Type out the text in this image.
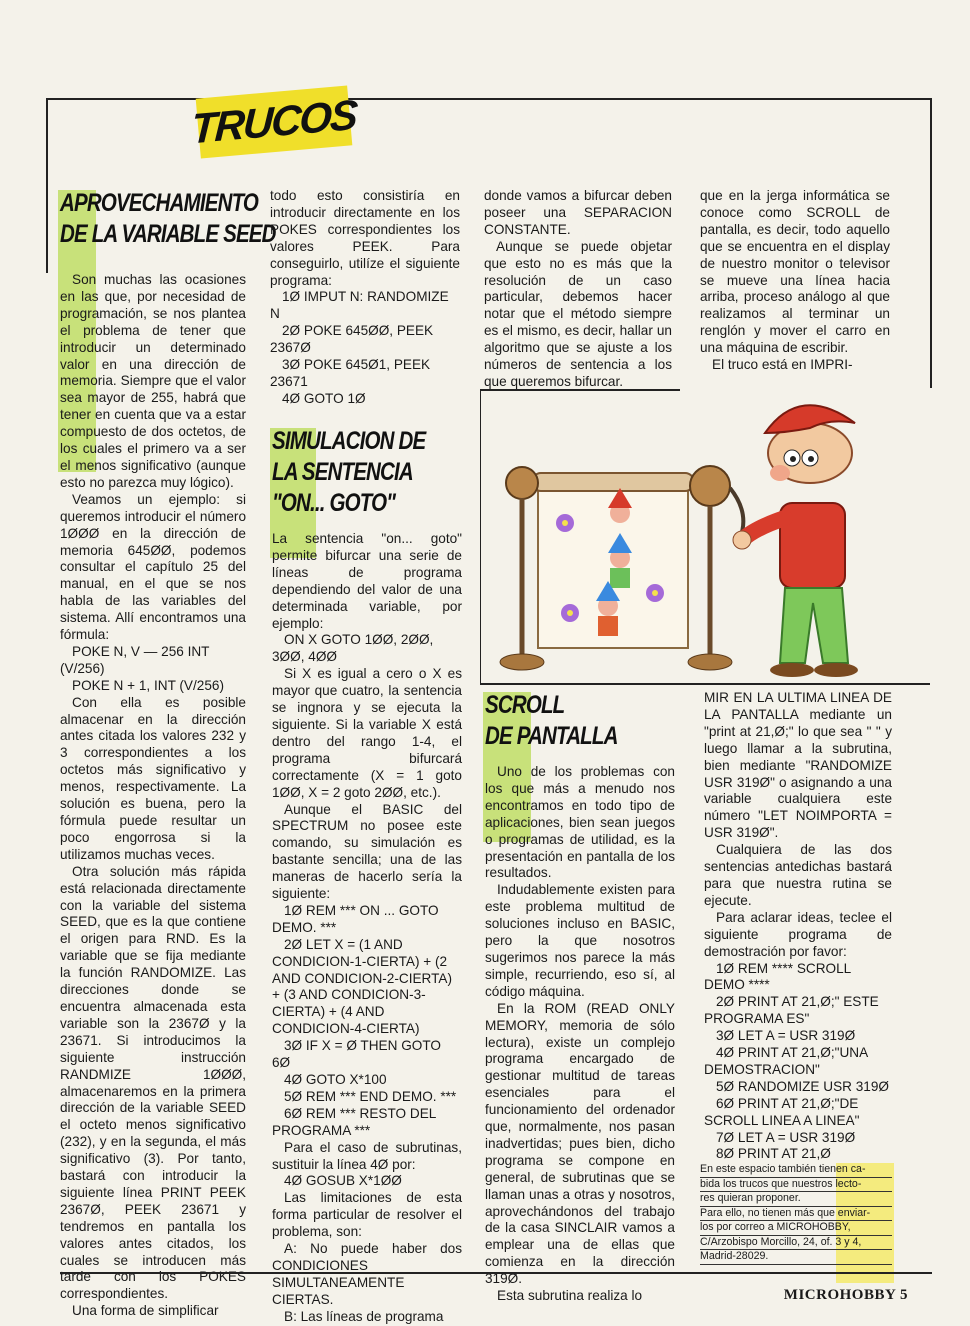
TRUCOS

APROVECHAMIENTO

DE LA VARIABLE SEED

Son muchas las ocasiones en las que, por necesidad de programación, se nos plantea el problema de tener que introducir un determinado valor en una dirección de memoria. Siempre que el valor sea mayor de 255, habrá que tener en cuenta que va a estar compuesto de dos octetos, de los cuales el primero va a ser el menos significativo (aunque esto no parezca muy lógico).

Veamos un ejemplo: si queremos introducir el número 1ØØØ en la dirección de memoria 645ØØ, podemos consultar el capítulo 25 del manual, en el que se nos habla de las variables del sistema. Allí encontramos una fórmula:

POKE N, V — 256 INT (V/256)

POKE N + 1, INT (V/256)

Con ella es posible almacenar en la dirección antes citada los valores 232 y 3 correspondientes a los octetos más significativo y menos, respectivamente. La solución es buena, pero la fórmula puede resultar un poco engorrosa si la utilizamos muchas veces.

Otra solución más rápida está relacionada directamente con la variable del sistema SEED, que es la que contiene el origen para RND. Es la variable que se fija mediante la función RANDOMIZE. Las direcciones donde se encuentra almacenada esta variable son la 2367Ø y la 23671. Si introducimos la siguiente instrucción RANDMIZE 1ØØØ, almacenaremos en la primera dirección de la variable SEED el octeto menos significativo (232), y en la segunda, el más significativo (3). Por tanto, bastará con introducir la siguiente línea PRINT PEEK 2367Ø, PEEK 23671 y tendremos en pantalla los valores antes citados, los cuales se introducen más tarde con los POKES correspondientes.

Una forma de simplificar

todo esto consistiría en introducir directamente en los POKES correspondientes los valores PEEK. Para conseguirlo, utilíze el siguiente programa:

1Ø IMPUT N: RANDOMIZE N

2Ø POKE 645ØØ, PEEK 2367Ø

3Ø POKE 645Ø1, PEEK 23671

4Ø GOTO 1Ø

SIMULACION DE

LA SENTENCIA

"ON... GOTO"

La sentencia "on... goto" permite bifurcar una serie de líneas de programa dependiendo del valor de una determinada variable, por ejemplo:

ON X GOTO 1ØØ, 2ØØ, 3ØØ, 4ØØ

Si X es igual a cero o X es mayor que cuatro, la sentencia se ingnora y se ejecuta la siguiente. Si la variable X está dentro del rango 1-4, el programa bifurcará correctamente (X = 1 goto 1ØØ, X = 2 goto 2ØØ, etc.).

Aunque el BASIC del SPECTRUM no posee este comando, su simulación es bastante sencilla; una de las maneras de hacerlo sería la siguiente:

1Ø REM *** ON ... GOTO DEMO. ***

2Ø LET X = (1 AND CONDICION-1-CIERTA) + (2 AND CONDICION-2-CIERTA) + (3 AND CONDICION-3-CIERTA) + (4 AND CONDICION-4-CIERTA)

3Ø IF X = Ø THEN GOTO 6Ø

4Ø GOTO X*100

5Ø REM *** END DEMO. ***

6Ø REM *** RESTO DEL PROGRAMA ***

Para el caso de subrutinas, sustituir la línea 4Ø por:

4Ø GOSUB X*1ØØ

Las limitaciones de esta forma particular de resolver el problema, son:

A: No puede haber dos CONDICIONES SIMULTANEAMENTE CIERTAS.

B: Las líneas de programa

donde vamos a bifurcar deben poseer una SEPARACION CONSTANTE.

Aunque se puede objetar que esto no es más que la resolución de un caso particular, debemos hacer notar que el método siempre es el mismo, es decir, hallar un algoritmo que se ajuste a los números de sentencia a los que queremos bifurcar.

que en la jerga informática se conoce como SCROLL de pantalla, es decir, todo aquello que se encuentra en el display de nuestro monitor o televisor se mueve una línea hacia arriba, proceso análogo al que realizamos al terminar un renglón y mover el carro en una máquina de escribir.

El truco está en IMPRI-

SCROLL

DE PANTALLA

Uno de los problemas con los que más a menudo nos encontramos en todo tipo de aplicaciones, bien sean juegos o programas de utilidad, es la presentación en pantalla de los resultados.

Indudablemente existen para este problema multitud de soluciones incluso en BASIC, pero la que nosotros sugerimos nos parece la más simple, recurriendo, eso sí, al código máquina.

En la ROM (READ ONLY MEMORY, memoria de sólo lectura), existe un complejo programa encargado de gestionar multitud de tareas esenciales para el funcionamiento del ordenador que, normalmente, nos pasan inadvertidas; pues bien, dicho programa se compone en general, de subrutinas que se llaman unas a otras y nosotros, aprovechándonos del trabajo de la casa SINCLAIR vamos a emplear una de ellas que comienza en la dirección 319Ø.

Esta subrutina realiza lo

MIR EN LA ULTIMA LINEA DE LA PANTALLA mediante un "print at 21,Ø;" lo que sea " " y luego llamar a la subrutina, bien mediante "RANDOMIZE USR 319Ø" o asignando a una variable cualquiera este número "LET NOIMPORTA = USR 319Ø".

Cualquiera de las dos sentencias antedichas bastará para que nuestra rutina se ejecute.

Para aclarar ideas, teclee el siguiente programa de demostración por favor:

1Ø REM **** SCROLL DEMO ****

2Ø PRINT AT 21,Ø;" ESTE PROGRAMA ES"

3Ø LET A = USR 319Ø

4Ø PRINT AT 21,Ø;"UNA DEMOSTRACION"

5Ø RANDOMIZE USR 319Ø

6Ø PRINT AT 21,Ø;"DE SCROLL LINEA A LINEA"

7Ø LET A = USR 319Ø

8Ø PRINT AT 21,Ø

En este espacio también tienen ca-
bida los trucos que nuestros lecto-
res quieran proponer.
Para ello, no tienen más que enviar-
los por correo a MICROHOBBY,
C/Arzobispo Morcillo, 24, of. 3 y 4,
Madrid-28029.
MICROHOBBY 5
